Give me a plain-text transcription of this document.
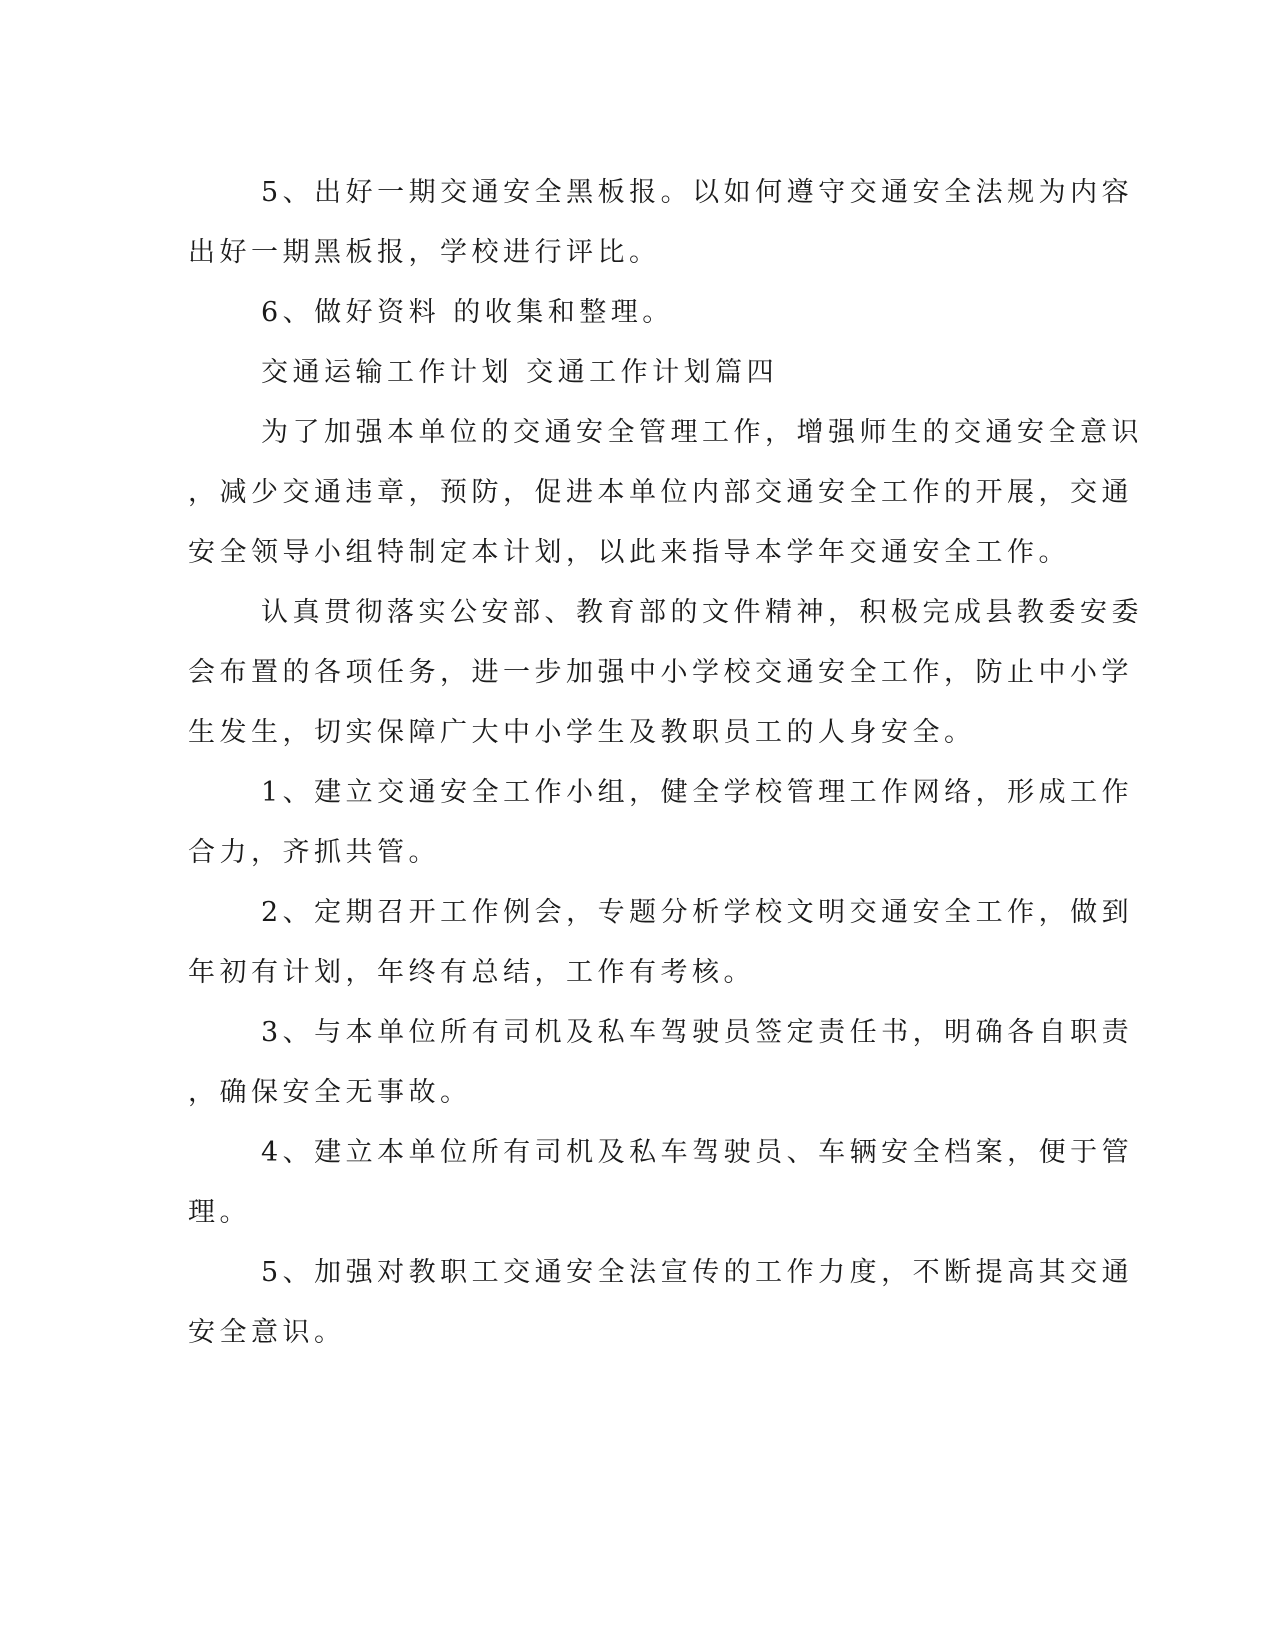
5、出好一期交通安全黑板报。以如何遵守交通安全法规为内容
出好一期黑板报，学校进行评比。
6、做好资料 的收集和整理。
交通运输工作计划 交通工作计划篇四
为了加强本单位的交通安全管理工作，增强师生的交通安全意识
，减少交通违章，预防，促进本单位内部交通安全工作的开展，交通
安全领导小组特制定本计划，以此来指导本学年交通安全工作。
认真贯彻落实公安部、教育部的文件精神，积极完成县教委安委
会布置的各项任务，进一步加强中小学校交通安全工作，防止中小学
生发生，切实保障广大中小学生及教职员工的人身安全。
1、建立交通安全工作小组，健全学校管理工作网络，形成工作
合力，齐抓共管。
2、定期召开工作例会，专题分析学校文明交通安全工作，做到
年初有计划，年终有总结，工作有考核。
3、与本单位所有司机及私车驾驶员签定责任书，明确各自职责
，确保安全无事故。
4、建立本单位所有司机及私车驾驶员、车辆安全档案，便于管
理。
5、加强对教职工交通安全法宣传的工作力度，不断提高其交通
安全意识。
